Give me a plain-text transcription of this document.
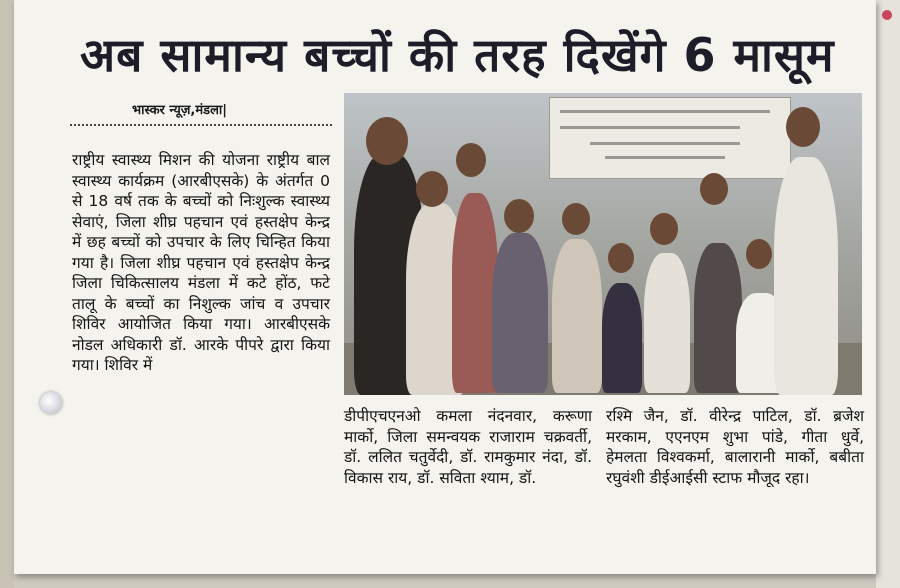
अब सामान्य बच्चों की तरह दिखेंगे 6 मासूम
भास्कर न्यूज़,मंडला|
राष्ट्रीय स्वास्थ्य मिशन की योजना राष्ट्रीय बाल स्वास्थ्य कार्यक्रम (आरबीएसके) के अंतर्गत 0 से 18 वर्ष तक के बच्चों को निःशुल्क स्वास्थ्य सेवाएं, जिला शीघ्र पहचान एवं हस्तक्षेप केन्द्र में छह बच्चों को उपचार के लिए चिन्हित किया गया है। जिला शीघ्र पहचान एवं हस्तक्षेप केन्द्र जिला चिकित्सालय मंडला में कटे होंठ, फटे तालू के बच्चों का निशुल्क जांच व उपचार शिविर आयोजित किया गया। आरबीएसके नोडल अधिकारी डॉ. आरके पीपरे द्वारा किया गया। शिविर में
डीपीएचएनओ कमला नंदनवार, करूणा मार्को, जिला समन्वयक राजाराम चक्रवर्ती, डॉ. ललित चतुर्वेदी, डॉ. रामकुमार नंदा, डॉ. विकास राय, डॉ. सविता श्याम, डॉ.
रश्मि जैन, डॉ. वीरेन्द्र पाटिल, डॉ. ब्रजेश मरकाम, एएनएम शुभा पांडे, गीता धुर्वे, हेमलता विश्वकर्मा, बालारानी मार्को, बबीता रघुवंशी डीईआईसी स्टाफ मौजूद रहा।
